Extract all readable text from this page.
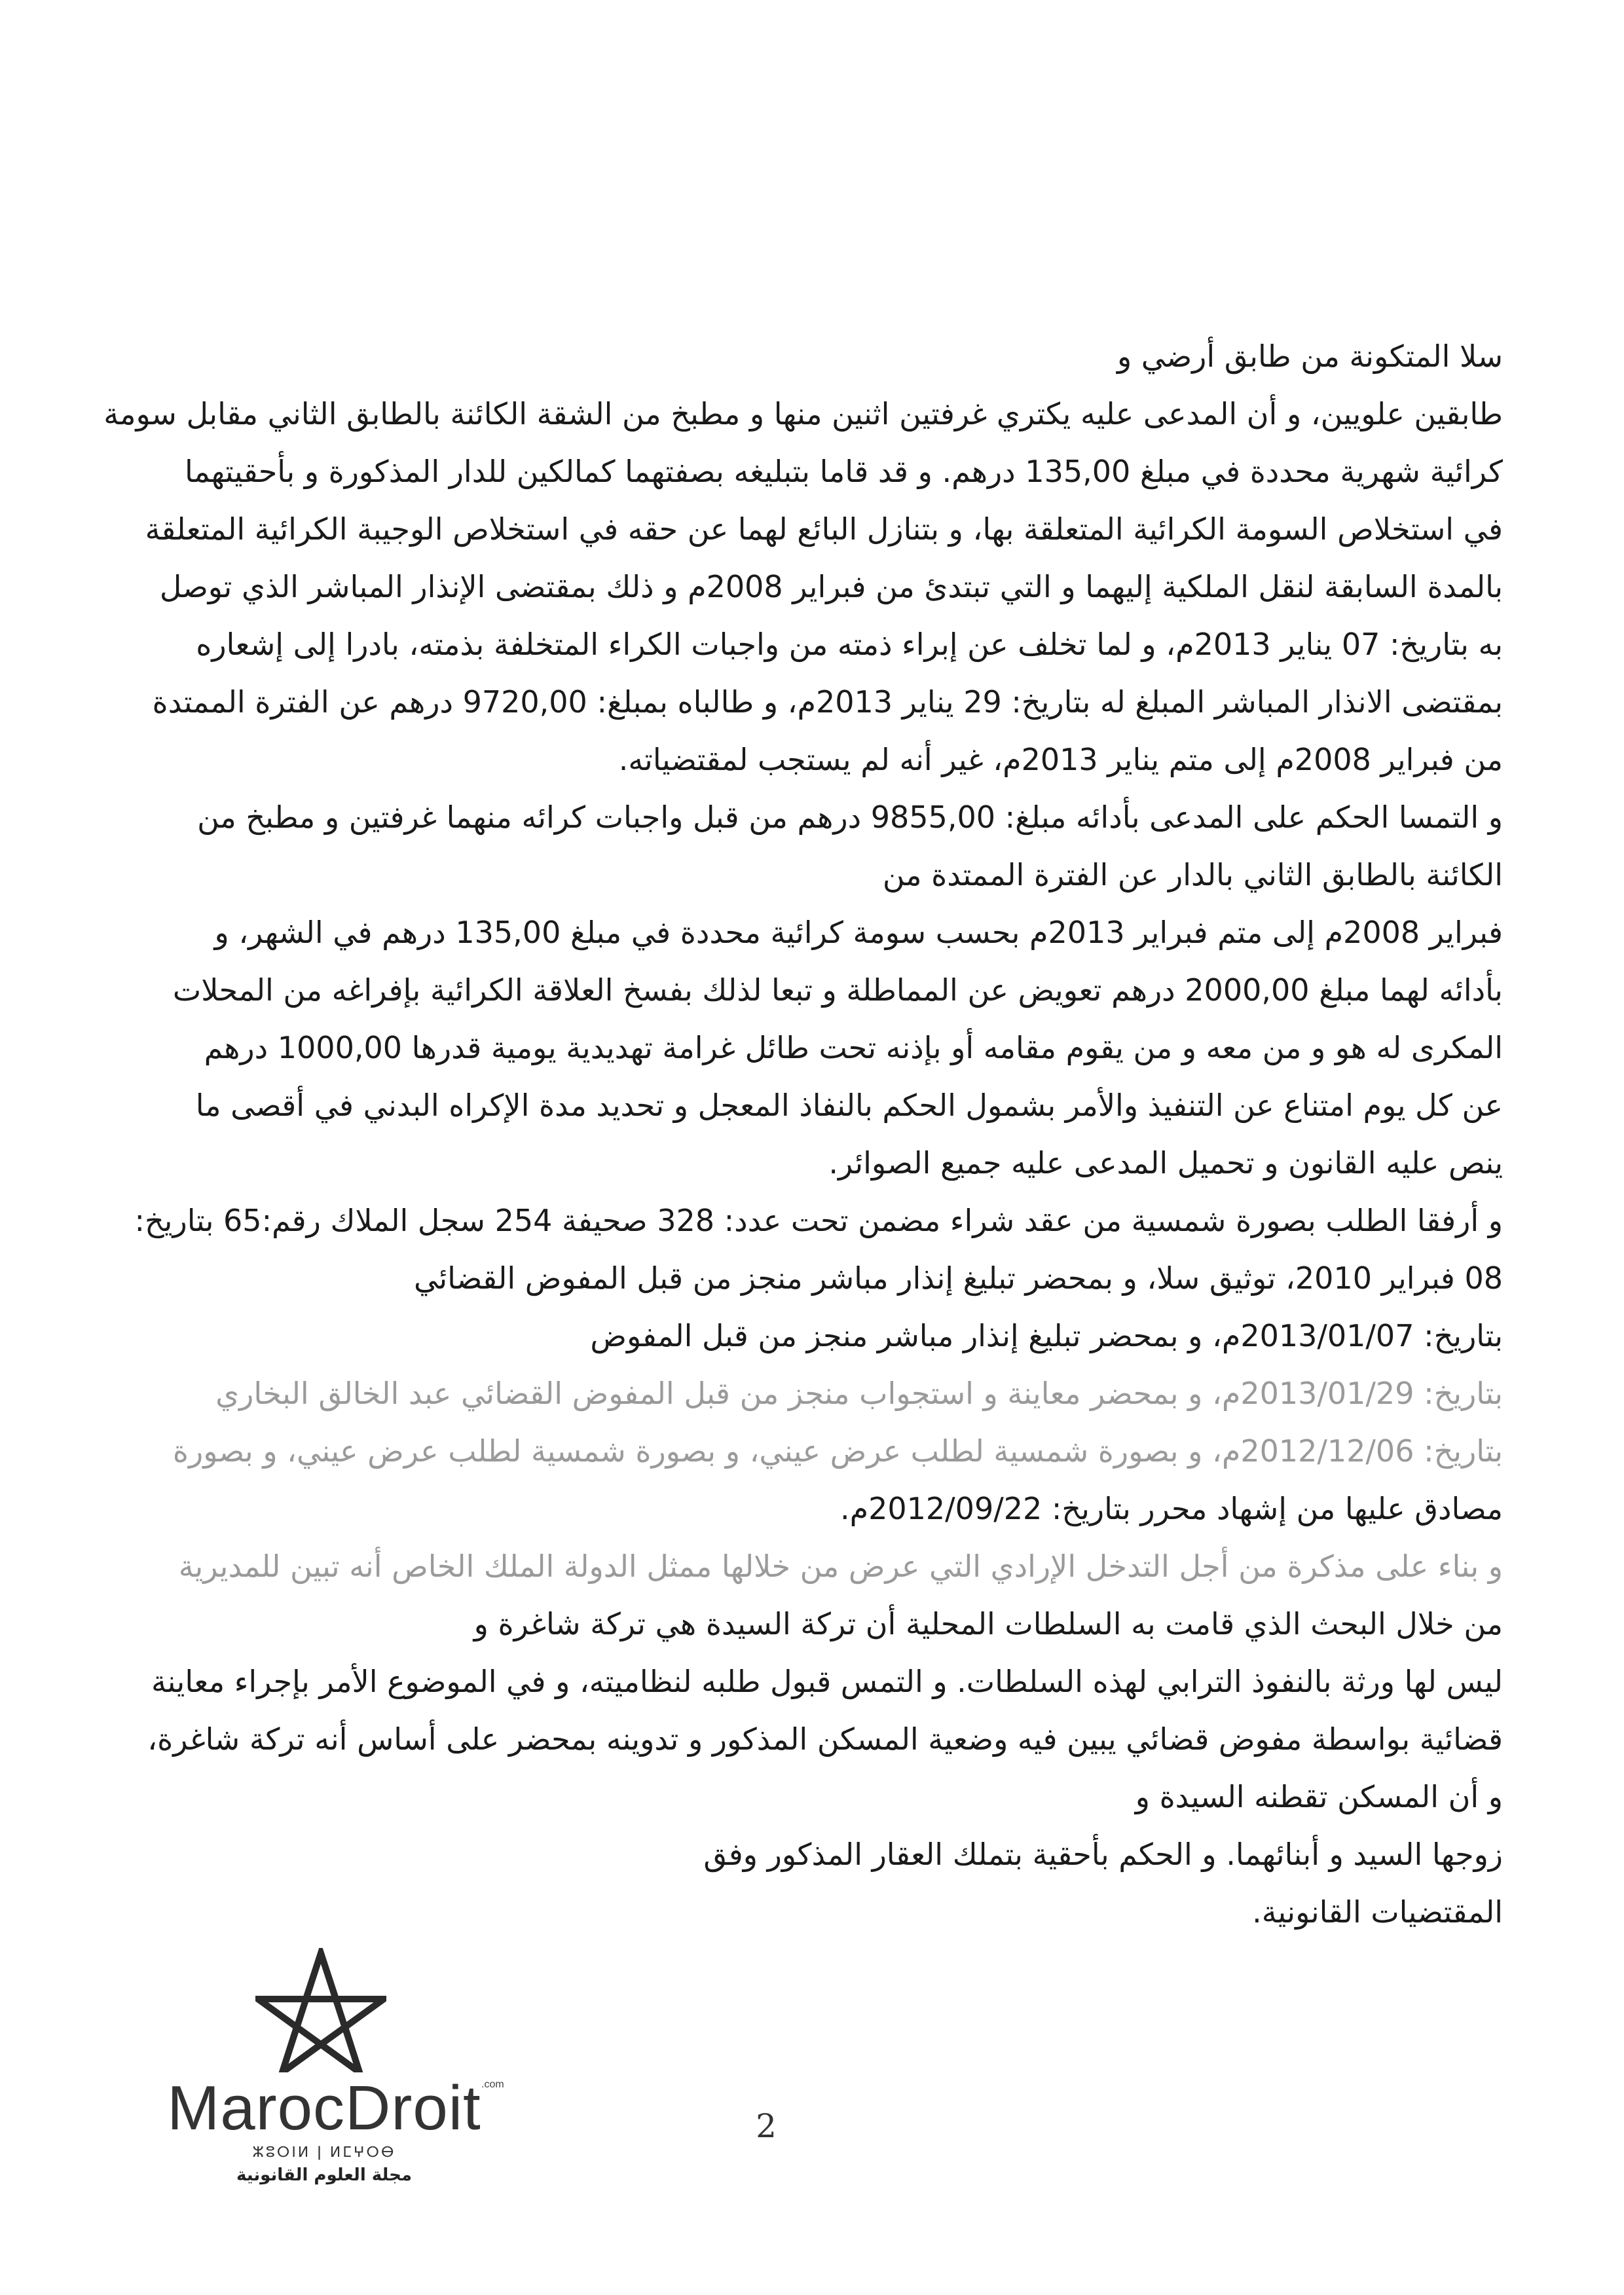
سلا المتكونة من طابق أرضي و
طابقين علويين، و أن المدعى عليه يكتري غرفتين اثنين منها و مطبخ من الشقة الكائنة بالطابق الثاني مقابل سومة
كرائية شهرية محددة في مبلغ 135,00 درهم. و قد قاما بتبليغه بصفتهما كمالكين للدار المذكورة و بأحقيتهما
في استخلاص السومة الكرائية المتعلقة بها، و بتنازل البائع لهما عن حقه في استخلاص الوجيبة الكرائية المتعلقة
بالمدة السابقة لنقل الملكية إليهما و التي تبتدئ من فبراير 2008م و ذلك بمقتضى الإنذار المباشر الذي توصل
به بتاريخ: 07 يناير 2013م، و لما تخلف عن إبراء ذمته من واجبات الكراء المتخلفة بذمته، بادرا إلى إشعاره
بمقتضى الانذار المباشر المبلغ له بتاريخ: 29 يناير 2013م، و طالباه بمبلغ: 9720,00 درهم عن الفترة الممتدة
من فبراير 2008م إلى متم يناير 2013م، غير أنه لم يستجب لمقتضياته.
و التمسا الحكم على المدعى بأدائه مبلغ: 9855,00 درهم من قبل واجبات كرائه منهما غرفتين و مطبخ من
الكائنة بالطابق الثاني بالدار عن الفترة الممتدة من
فبراير 2008م إلى متم فبراير 2013م بحسب سومة كرائية محددة في مبلغ 135,00 درهم في الشهر، و
بأدائه لهما مبلغ 2000,00 درهم تعويض عن المماطلة و تبعا لذلك بفسخ العلاقة الكرائية بإفراغه من المحلات
المكرى له هو و من معه و من يقوم مقامه أو بإذنه تحت طائل غرامة تهديدية يومية قدرها 1000,00 درهم
عن كل يوم امتناع عن التنفيذ والأمر بشمول الحكم بالنفاذ المعجل و تحديد مدة الإكراه البدني في أقصى ما
ينص عليه القانون و تحميل المدعى عليه جميع الصوائر.
و أرفقا الطلب بصورة شمسية من عقد شراء مضمن تحت عدد: 328 صحيفة 254 سجل الملاك رقم:65 بتاريخ:
08 فبراير 2010، توثيق سلا، و بمحضر تبليغ إنذار مباشر منجز من قبل المفوض القضائي
بتاريخ: 2013/01/07م، و بمحضر تبليغ إنذار مباشر منجز من قبل المفوض
بتاريخ: 2013/01/29م، و بمحضر معاينة و استجواب منجز من قبل المفوض القضائي عبد الخالق البخاري
بتاريخ: 2012/12/06م، و بصورة شمسية لطلب عرض عيني، و بصورة شمسية لطلب عرض عيني، و بصورة
مصادق عليها من إشهاد محرر بتاريخ: 2012/09/22م.
و بناء على مذكرة من أجل التدخل الإرادي التي عرض من خلالها ممثل الدولة الملك الخاص أنه تبين للمديرية
من خلال البحث الذي قامت به السلطات المحلية أن تركة السيدة هي تركة شاغرة و
ليس لها ورثة بالنفوذ الترابي لهذه السلطات. و التمس قبول طلبه لنظاميته، و في الموضوع الأمر بإجراء معاينة
قضائية بواسطة مفوض قضائي يبين فيه وضعية المسكن المذكور و تدوينه بمحضر على أساس أنه تركة شاغرة،
و أن المسكن تقطنه السيدة و
زوجها السيد و أبنائهما. و الحكم بأحقية بتملك العقار المذكور وفق
المقتضيات القانونية.
2
MarocDroit .com
ⵣⵓⵔⵏⵍ ǀ ⵍⵎⵖⵔⴱ
مجلة العلوم القانونية
